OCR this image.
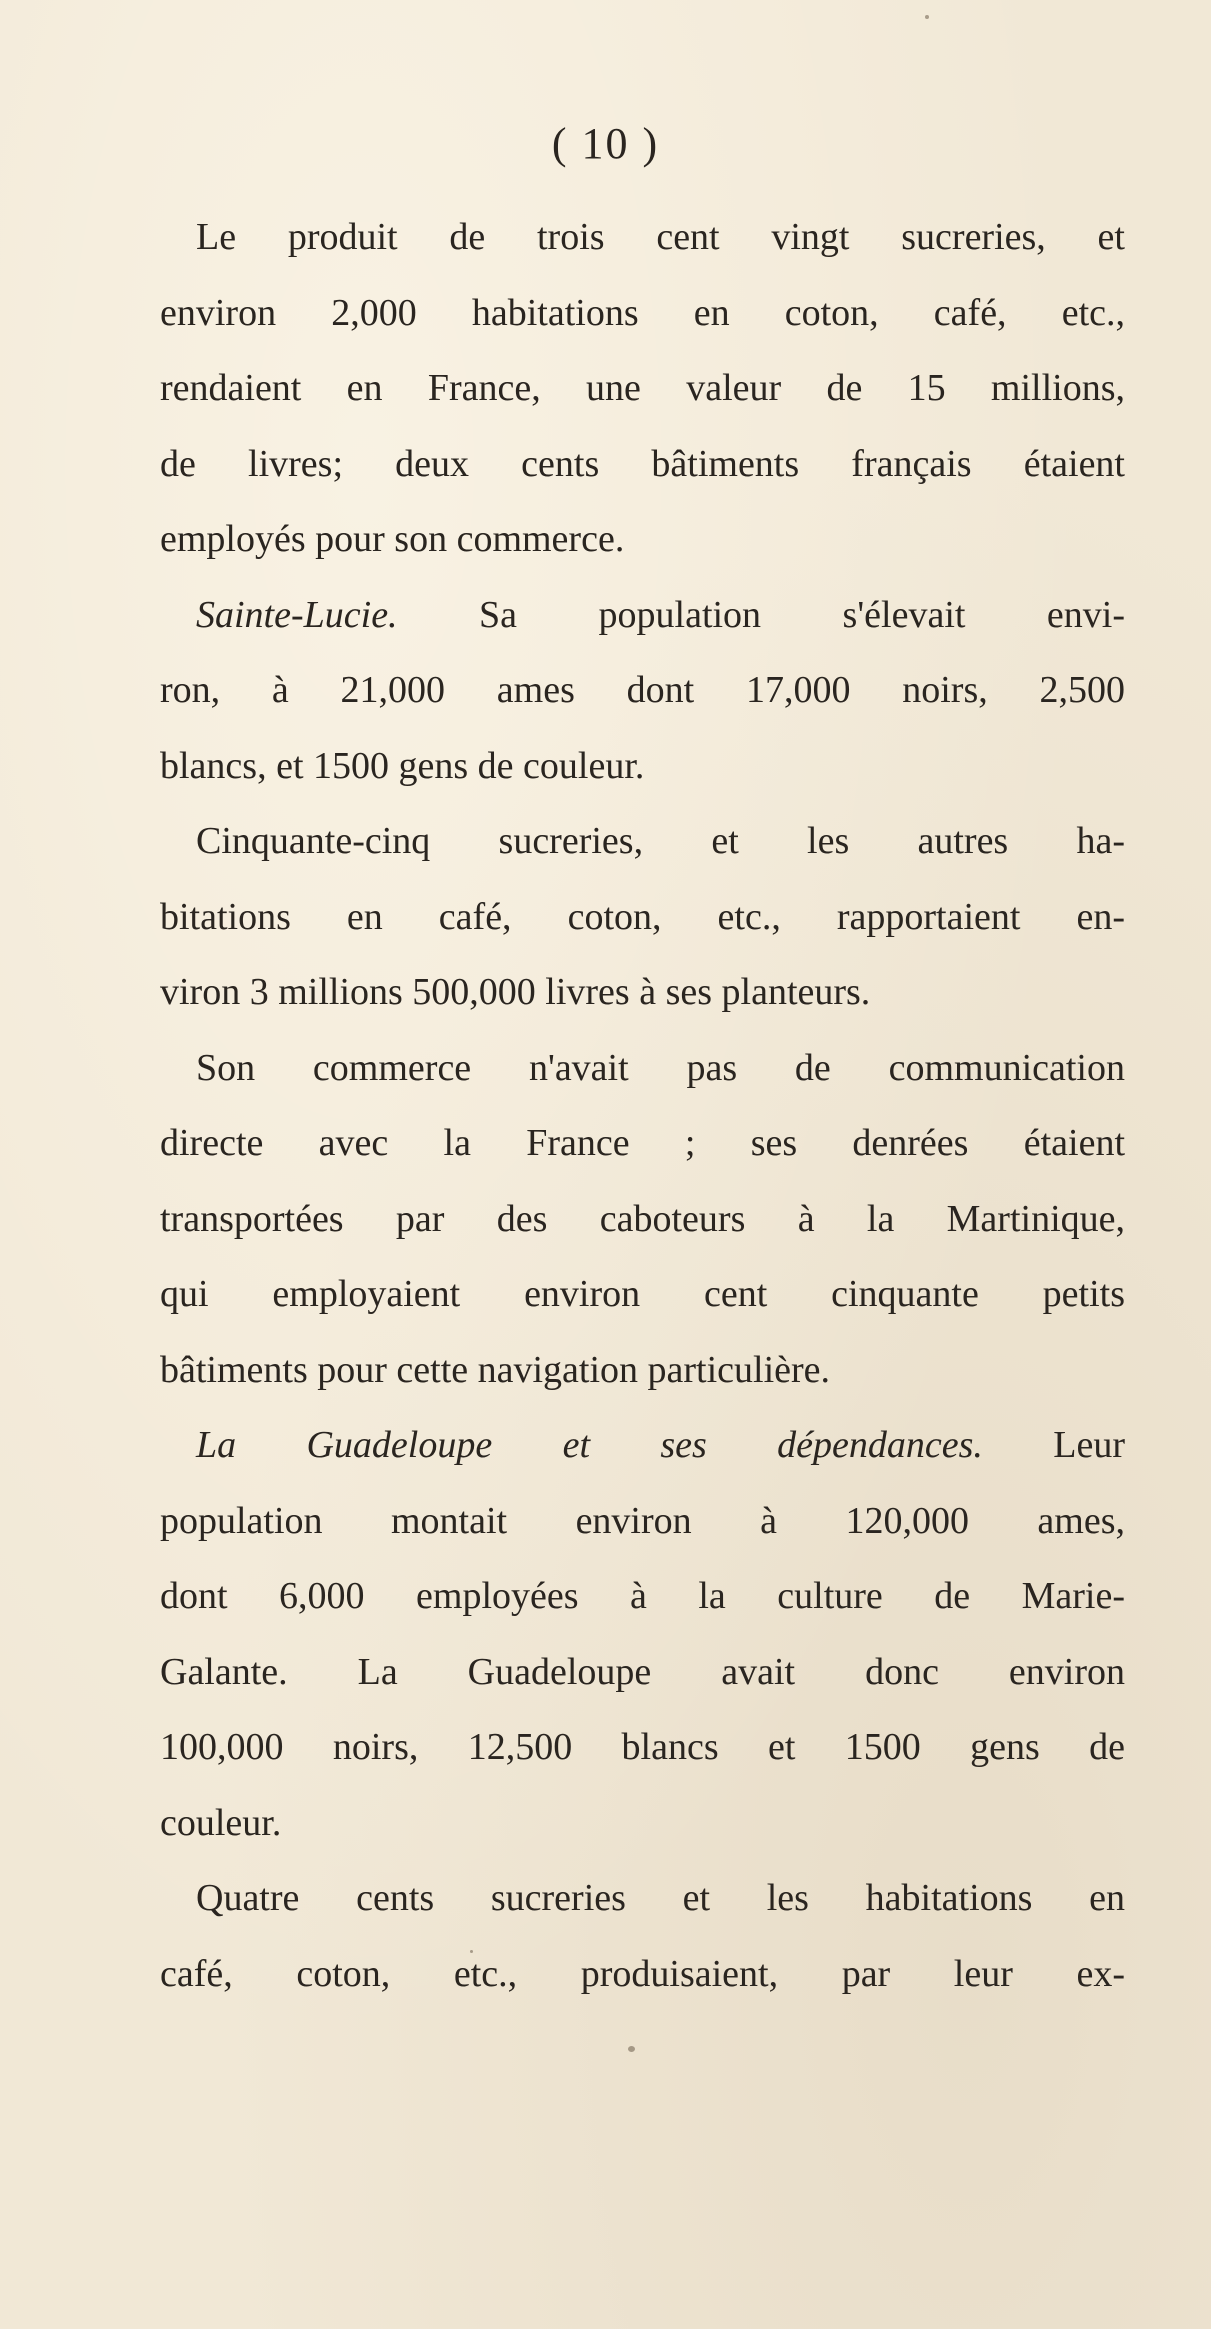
( 10 )
Le produit de trois cent vingt sucreries, et
environ 2,000 habitations en coton, café, etc.,
rendaient en France, une valeur de 15 millions,
de livres; deux cents bâtiments français étaient
employés pour son commerce.
Sainte-Lucie. Sa population s'élevait envi-
ron, à 21,000 ames dont 17,000 noirs, 2,500
blancs, et 1500 gens de couleur.
Cinquante-cinq sucreries, et les autres ha-
bitations en café, coton, etc., rapportaient en-
viron 3 millions 500,000 livres à ses planteurs.
Son commerce n'avait pas de communication
directe avec la France ; ses denrées étaient
transportées par des caboteurs à la Martinique,
qui employaient environ cent cinquante petits
bâtiments pour cette navigation particulière.
La Guadeloupe et ses dépendances. Leur
population montait environ à 120,000 ames,
dont 6,000 employées à la culture de Marie-
Galante. La Guadeloupe avait donc environ
100,000 noirs, 12,500 blancs et 1500 gens de
couleur.
Quatre cents sucreries et les habitations en
café, coton, etc., produisaient, par leur ex-
